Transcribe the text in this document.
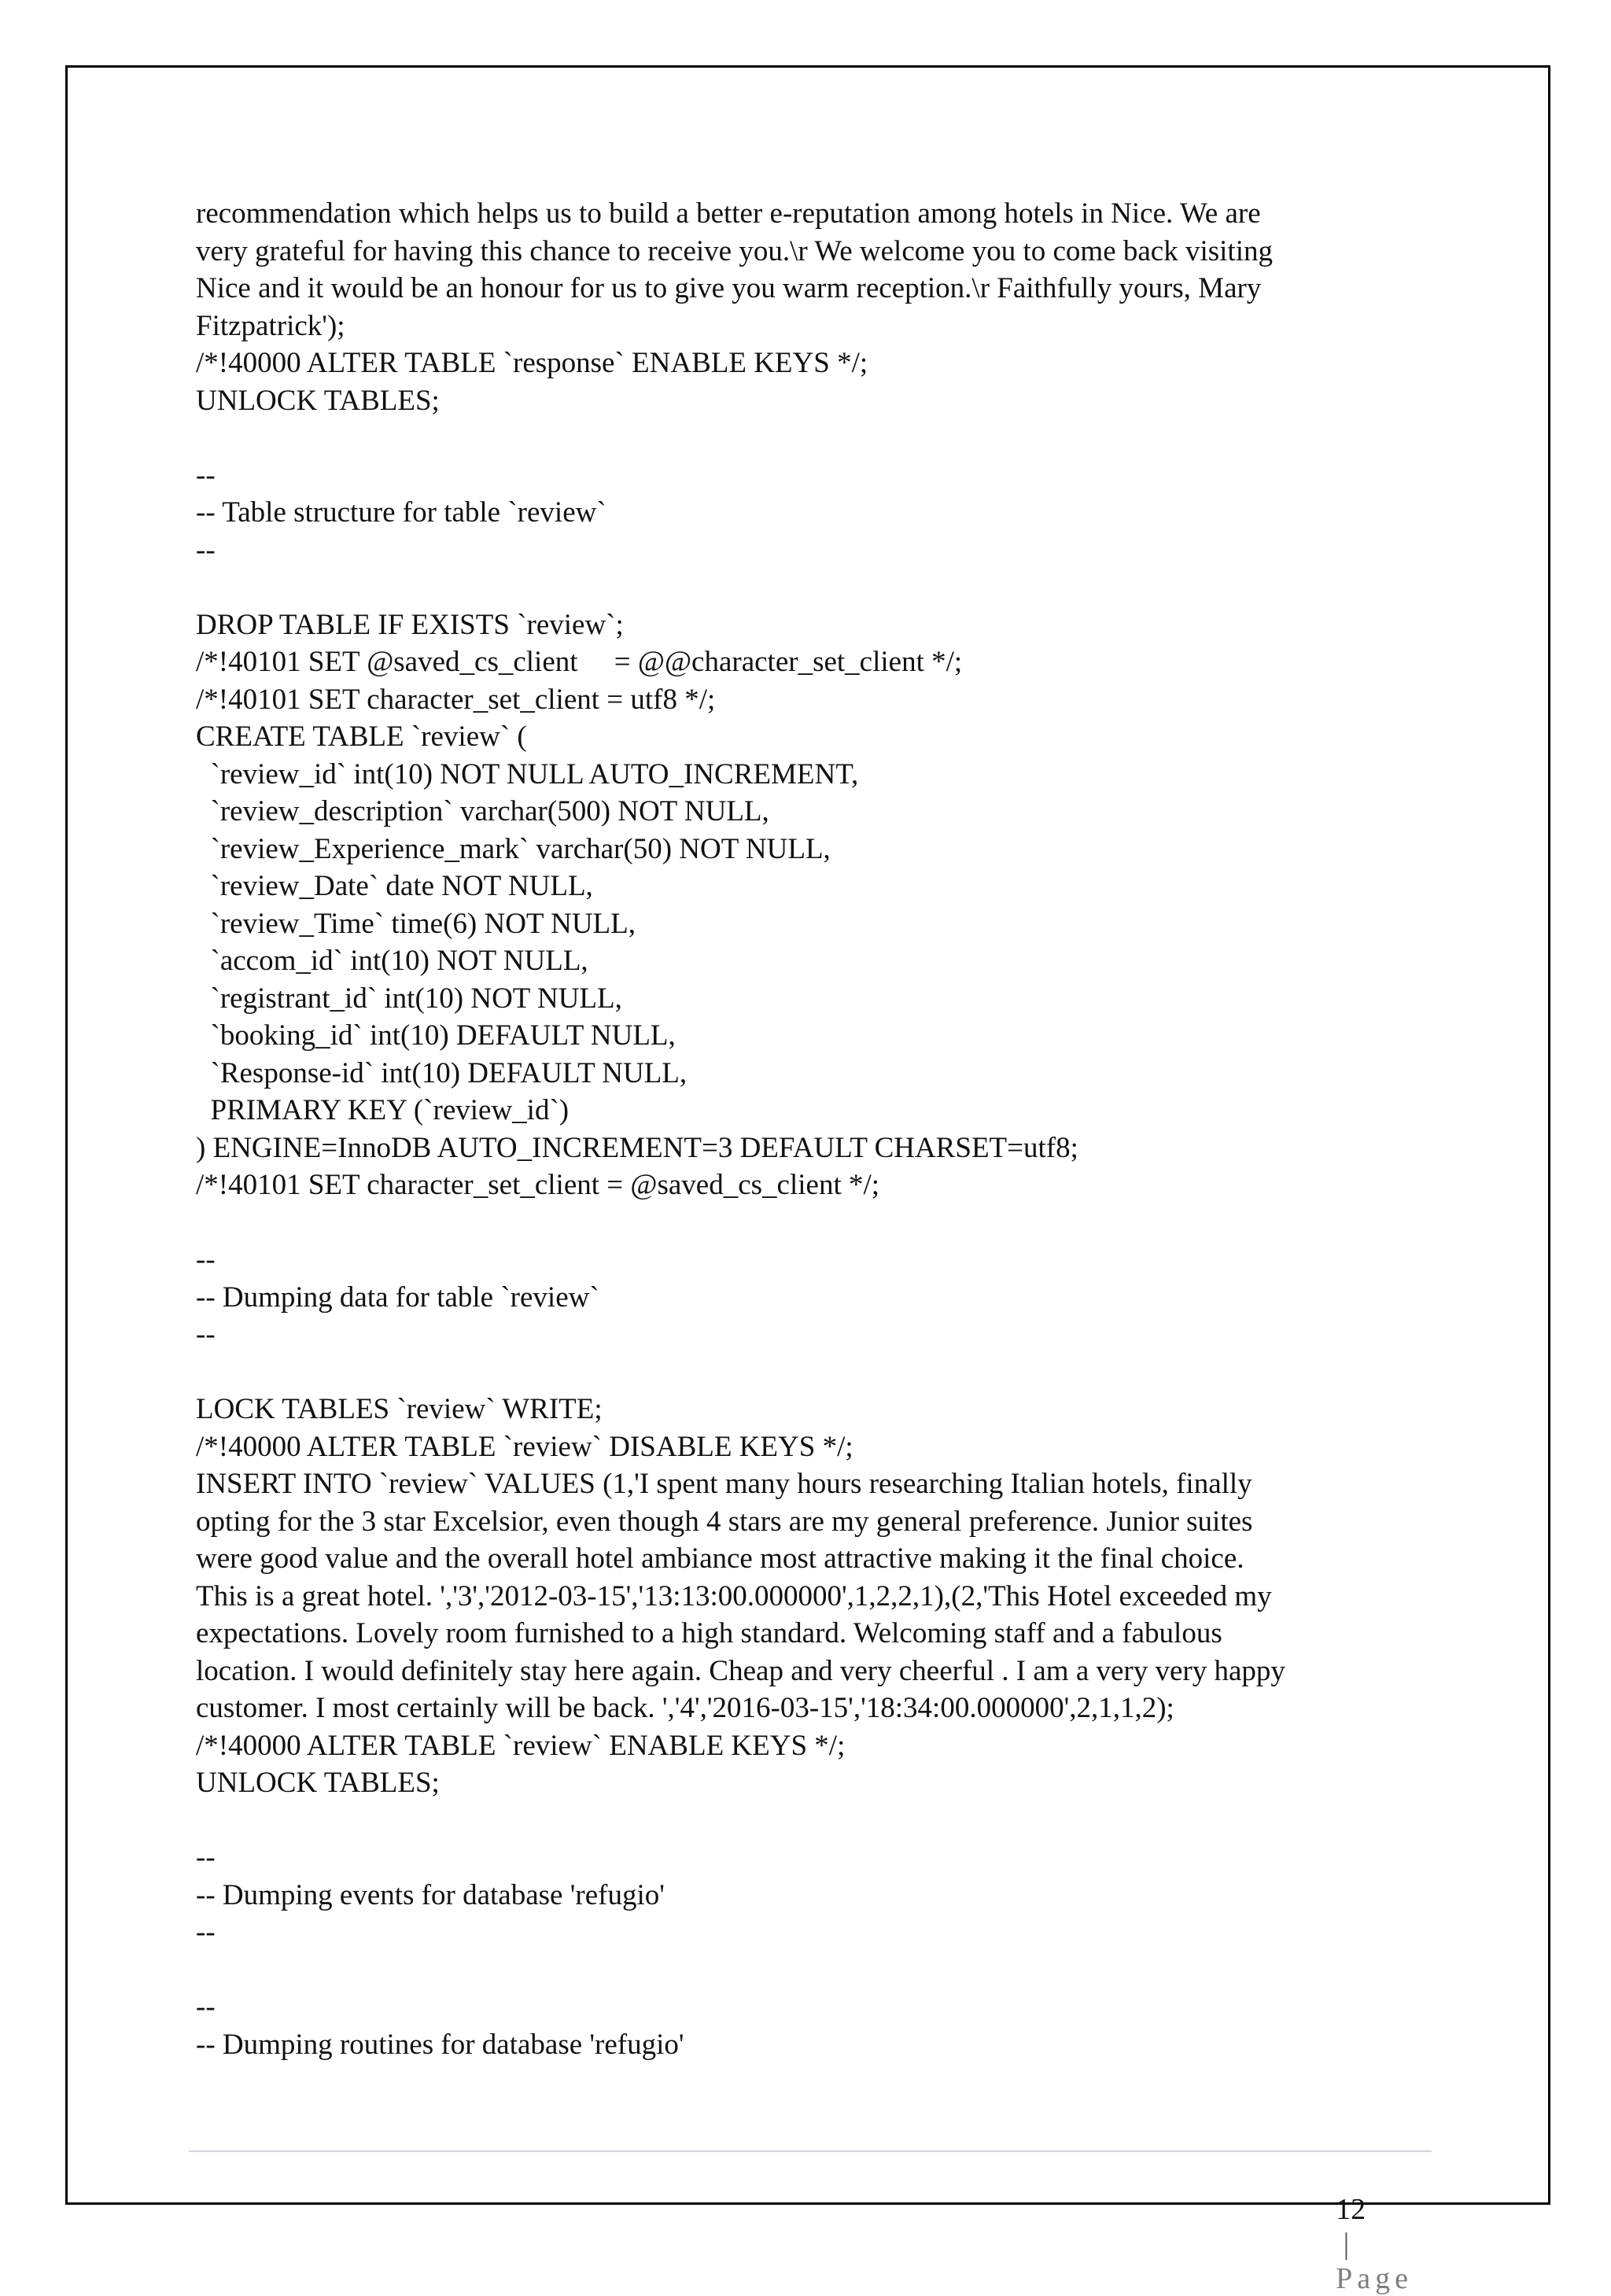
recommendation which helps us to build a better e-reputation among hotels in Nice. We are
very grateful for having this chance to receive you.\r We welcome you to come back visiting
Nice and it would be an honour for us to give you warm reception.\r Faithfully yours, Mary
Fitzpatrick');
/*!40000 ALTER TABLE `response` ENABLE KEYS */;
UNLOCK TABLES;
--
-- Table structure for table `review`
--
DROP TABLE IF EXISTS `review`;
/*!40101 SET @saved_cs_client     = @@character_set_client */;
/*!40101 SET character_set_client = utf8 */;
CREATE TABLE `review` (
`review_id` int(10) NOT NULL AUTO_INCREMENT,
`review_description` varchar(500) NOT NULL,
`review_Experience_mark` varchar(50) NOT NULL,
`review_Date` date NOT NULL,
`review_Time` time(6) NOT NULL,
`accom_id` int(10) NOT NULL,
`registrant_id` int(10) NOT NULL,
`booking_id` int(10) DEFAULT NULL,
`Response-id` int(10) DEFAULT NULL,
PRIMARY KEY (`review_id`)
) ENGINE=InnoDB AUTO_INCREMENT=3 DEFAULT CHARSET=utf8;
/*!40101 SET character_set_client = @saved_cs_client */;
--
-- Dumping data for table `review`
--
LOCK TABLES `review` WRITE;
/*!40000 ALTER TABLE `review` DISABLE KEYS */;
INSERT INTO `review` VALUES (1,'I spent many hours researching Italian hotels, finally
opting for the 3 star Excelsior, even though 4 stars are my general preference. Junior suites
were good value and the overall hotel ambiance most attractive making it the final choice.
This is a great hotel. ','3','2012-03-15','13:13:00.000000',1,2,2,1),(2,'This Hotel exceeded my
expectations. Lovely room furnished to a high standard. Welcoming staff and a fabulous
location. I would definitely stay here again. Cheap and very cheerful . I am a very very happy
customer. I most certainly will be back. ','4','2016-03-15','18:34:00.000000',2,1,1,2);
/*!40000 ALTER TABLE `review` ENABLE KEYS */;
UNLOCK TABLES;
--
-- Dumping events for database 'refugio'
--
--
-- Dumping routines for database 'refugio'

12
|
Page
